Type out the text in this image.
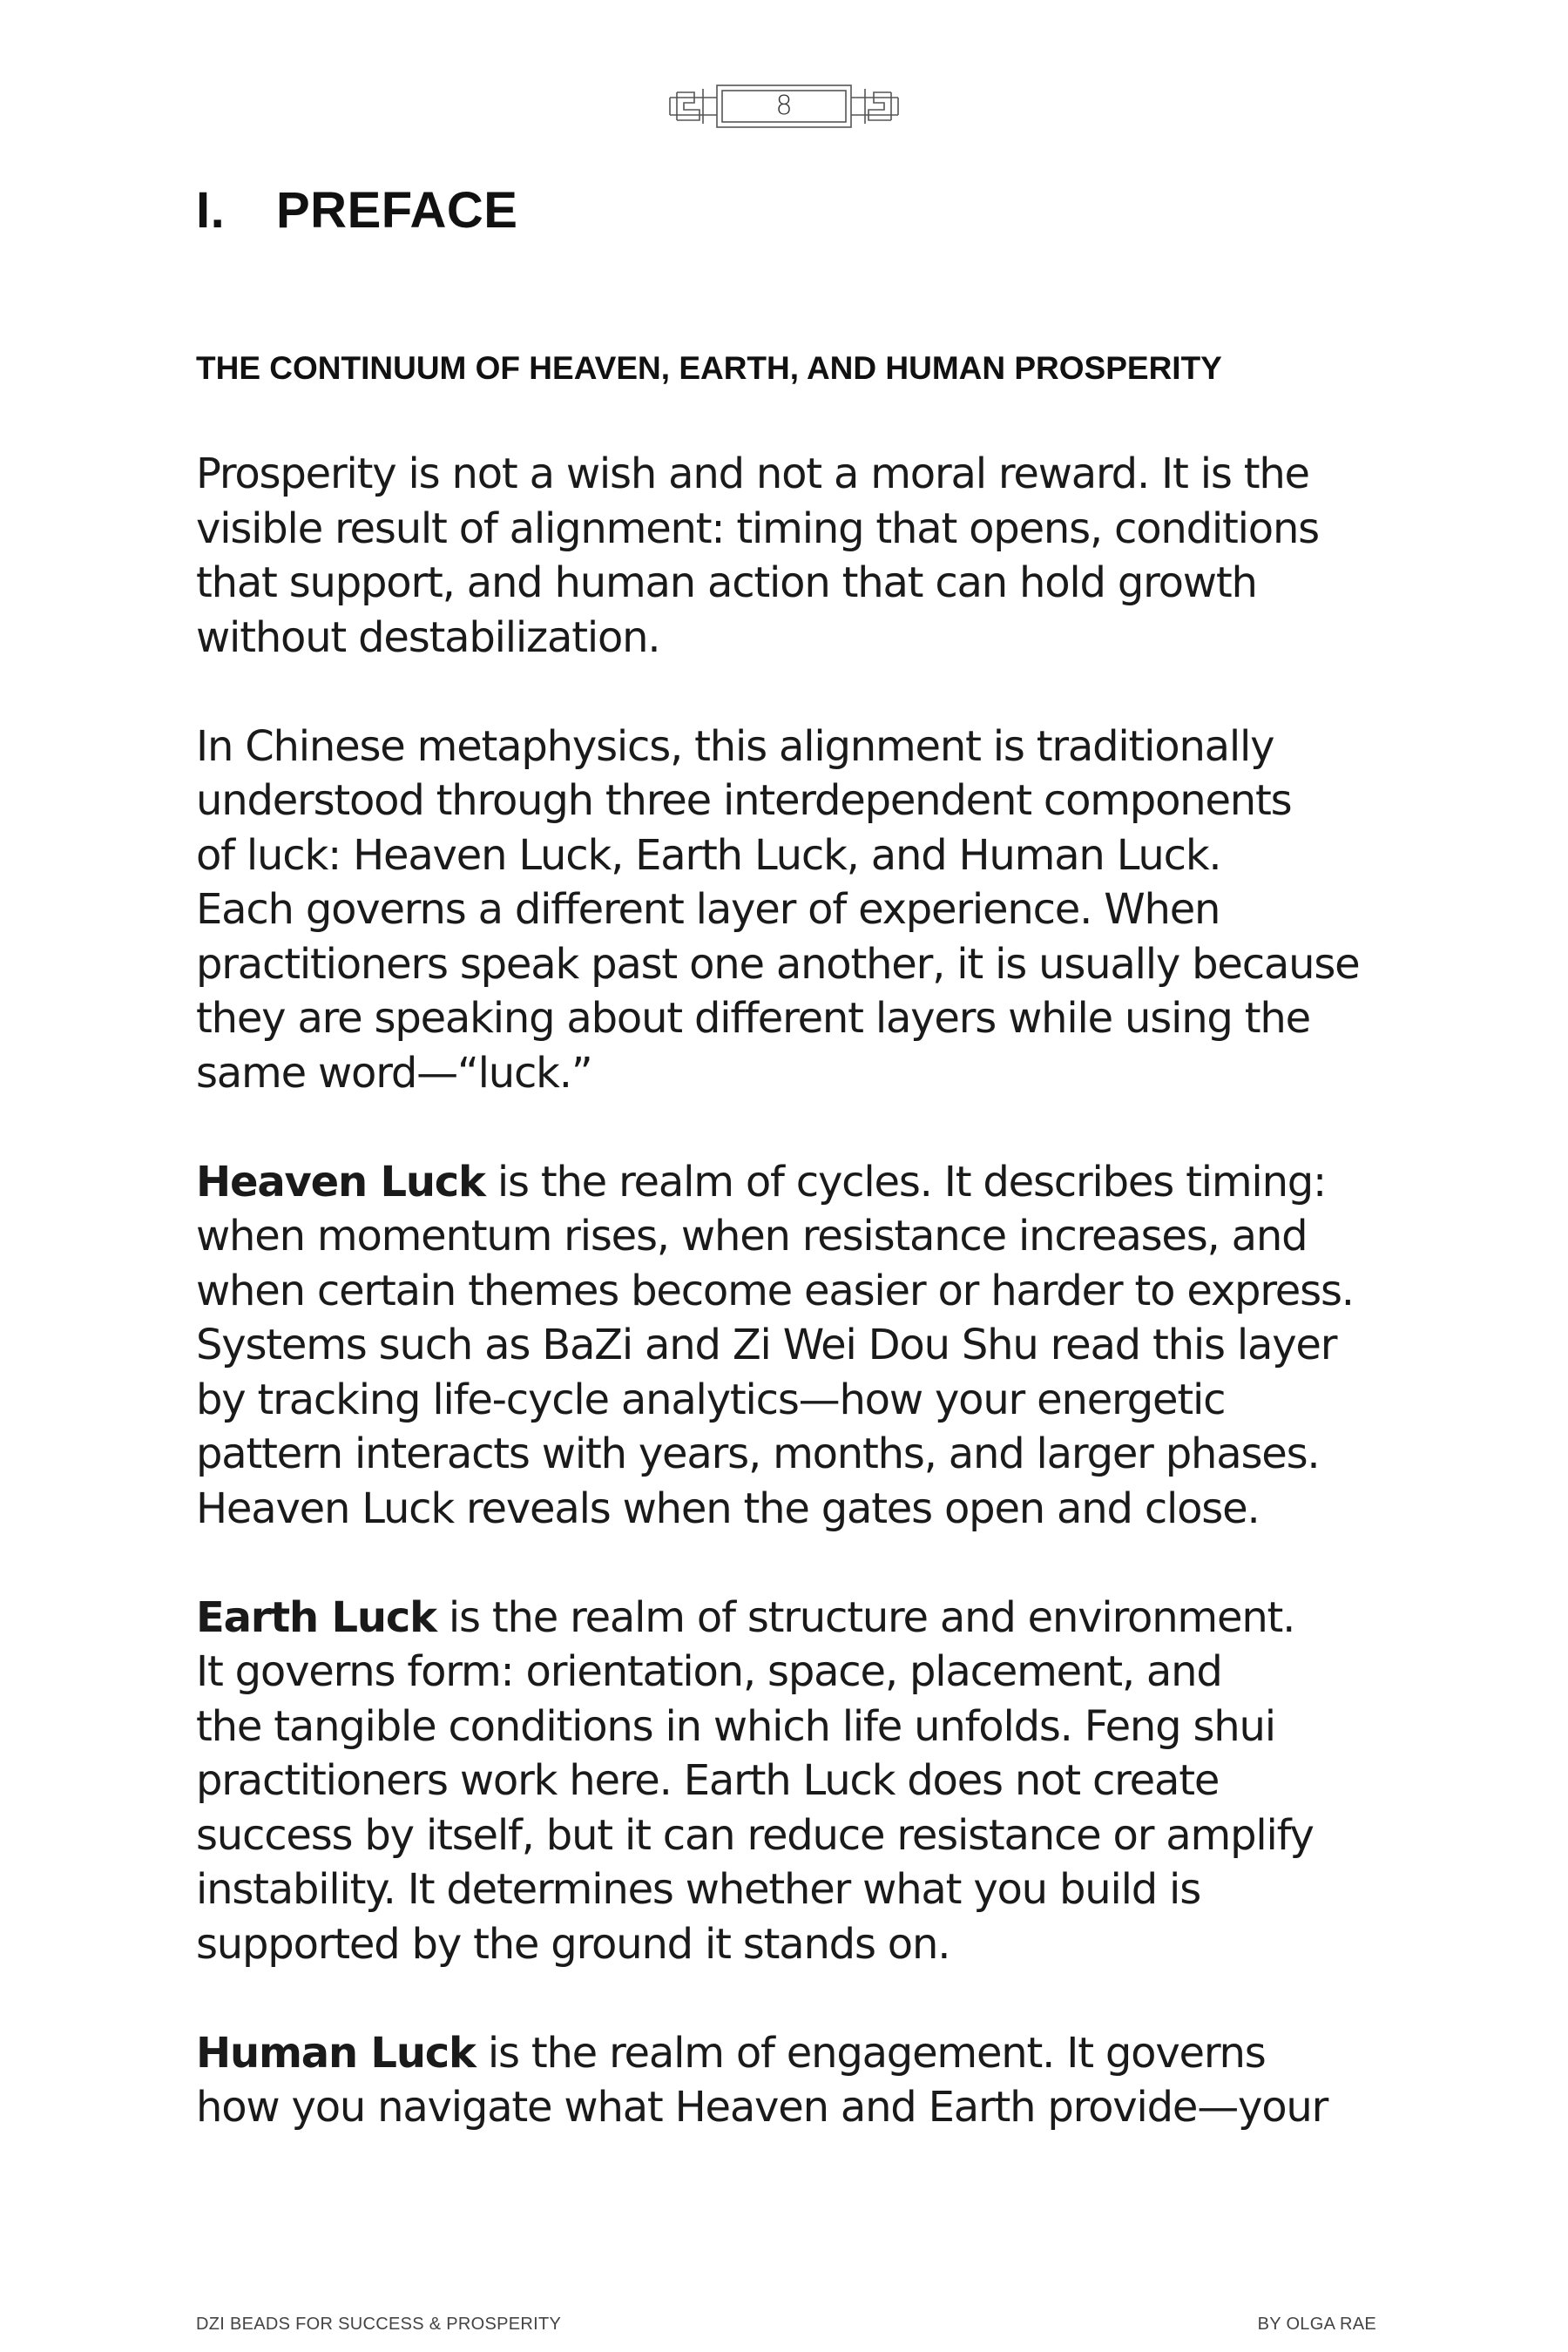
8
I. PREFACE
THE CONTINUUM OF HEAVEN, EARTH, AND HUMAN PROSPERITY
Prosperity is not a wish and not a moral reward. It is the
visible result of alignment: timing that opens, conditions
that support, and human action that can hold growth
without destabilization.
In Chinese metaphysics, this alignment is traditionally
understood through three interdependent components
of luck: Heaven Luck, Earth Luck, and Human Luck.
Each governs a different layer of experience. When
practitioners speak past one another, it is usually because
they are speaking about different layers while using the
same word—“luck.”
Heaven Luck is the realm of cycles. It describes timing:
when momentum rises, when resistance increases, and
when certain themes become easier or harder to express.
Systems such as BaZi and Zi Wei Dou Shu read this layer
by tracking life-cycle analytics—how your energetic
pattern interacts with years, months, and larger phases.
Heaven Luck reveals when the gates open and close.
Earth Luck is the realm of structure and environment.
It governs form: orientation, space, placement, and
the tangible conditions in which life unfolds. Feng shui
practitioners work here. Earth Luck does not create
success by itself, but it can reduce resistance or amplify
instability. It determines whether what you build is
supported by the ground it stands on.
Human Luck is the realm of engagement. It governs
how you navigate what Heaven and Earth provide—your
DZI BEADS FOR SUCCESS & PROSPERITY	BY OLGA RAE
